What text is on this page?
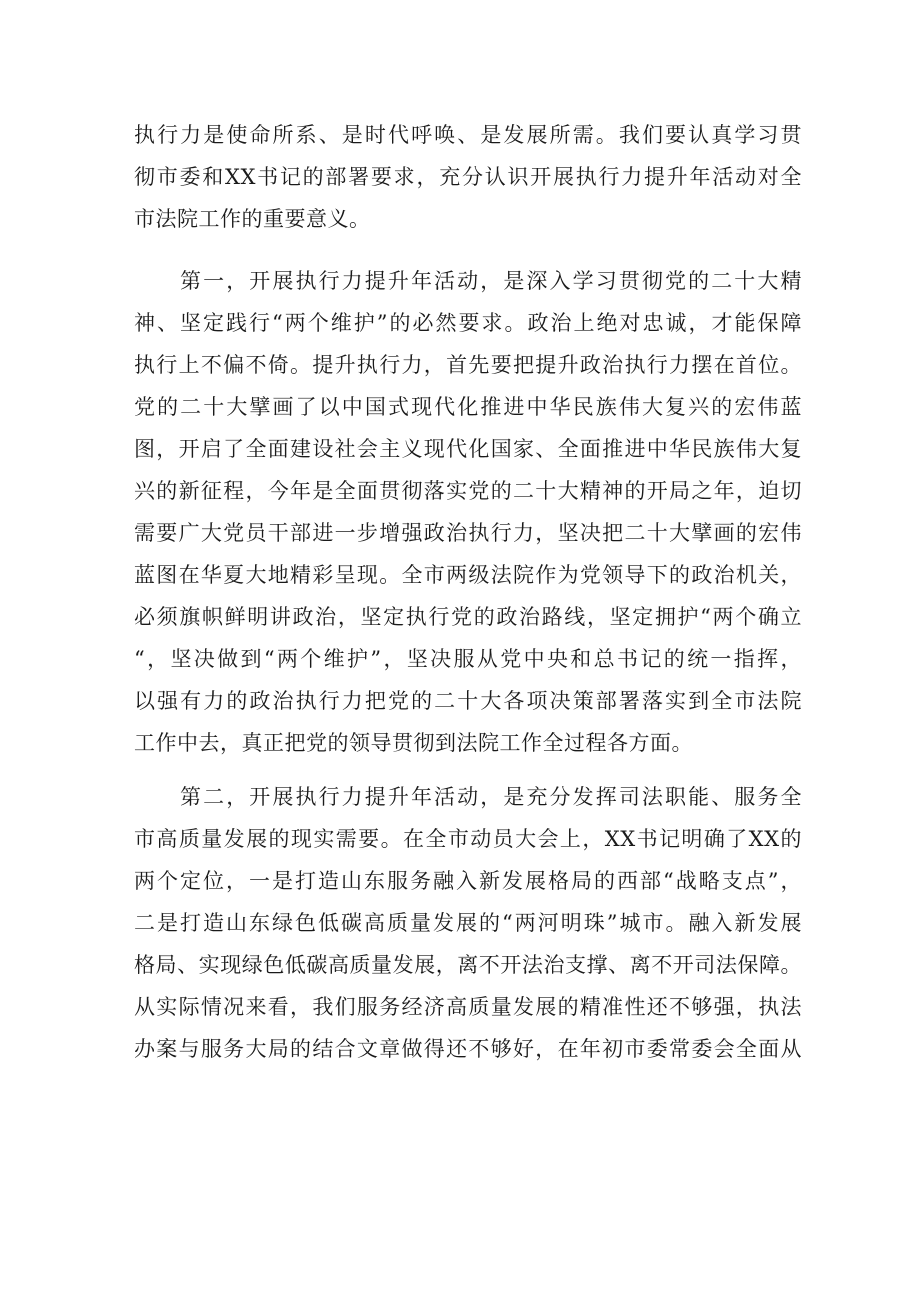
执行力是使命所系、是时代呼唤、是发展所需。我们要认真学习贯
彻市委和XX书记的部署要求，充分认识开展执行力提升年活动对全
市法院工作的重要意义。
第一，开展执行力提升年活动，是深入学习贯彻党的二十大精
神、坚定践行“两个维护”的必然要求。政治上绝对忠诚，才能保障
执行上不偏不倚。提升执行力，首先要把提升政治执行力摆在首位。
党的二十大擘画了以中国式现代化推进中华民族伟大复兴的宏伟蓝
图，开启了全面建设社会主义现代化国家、全面推进中华民族伟大复
兴的新征程，今年是全面贯彻落实党的二十大精神的开局之年，迫切
需要广大党员干部进一步增强政治执行力，坚决把二十大擘画的宏伟
蓝图在华夏大地精彩呈现。全市两级法院作为党领导下的政治机关，
必须旗帜鲜明讲政治，坚定执行党的政治路线，坚定拥护“两个确立
“，坚决做到“两个维护”，坚决服从党中央和总书记的统一指挥，
以强有力的政治执行力把党的二十大各项决策部署落实到全市法院
工作中去，真正把党的领导贯彻到法院工作全过程各方面。
第二，开展执行力提升年活动，是充分发挥司法职能、服务全
市高质量发展的现实需要。在全市动员大会上，XX书记明确了XX的
两个定位，一是打造山东服务融入新发展格局的西部“战略支点”，
二是打造山东绿色低碳高质量发展的“两河明珠”城市。融入新发展
格局、实现绿色低碳高质量发展，离不开法治支撑、离不开司法保障。
从实际情况来看，我们服务经济高质量发展的精准性还不够强，执法
办案与服务大局的结合文章做得还不够好，在年初市委常委会全面从
